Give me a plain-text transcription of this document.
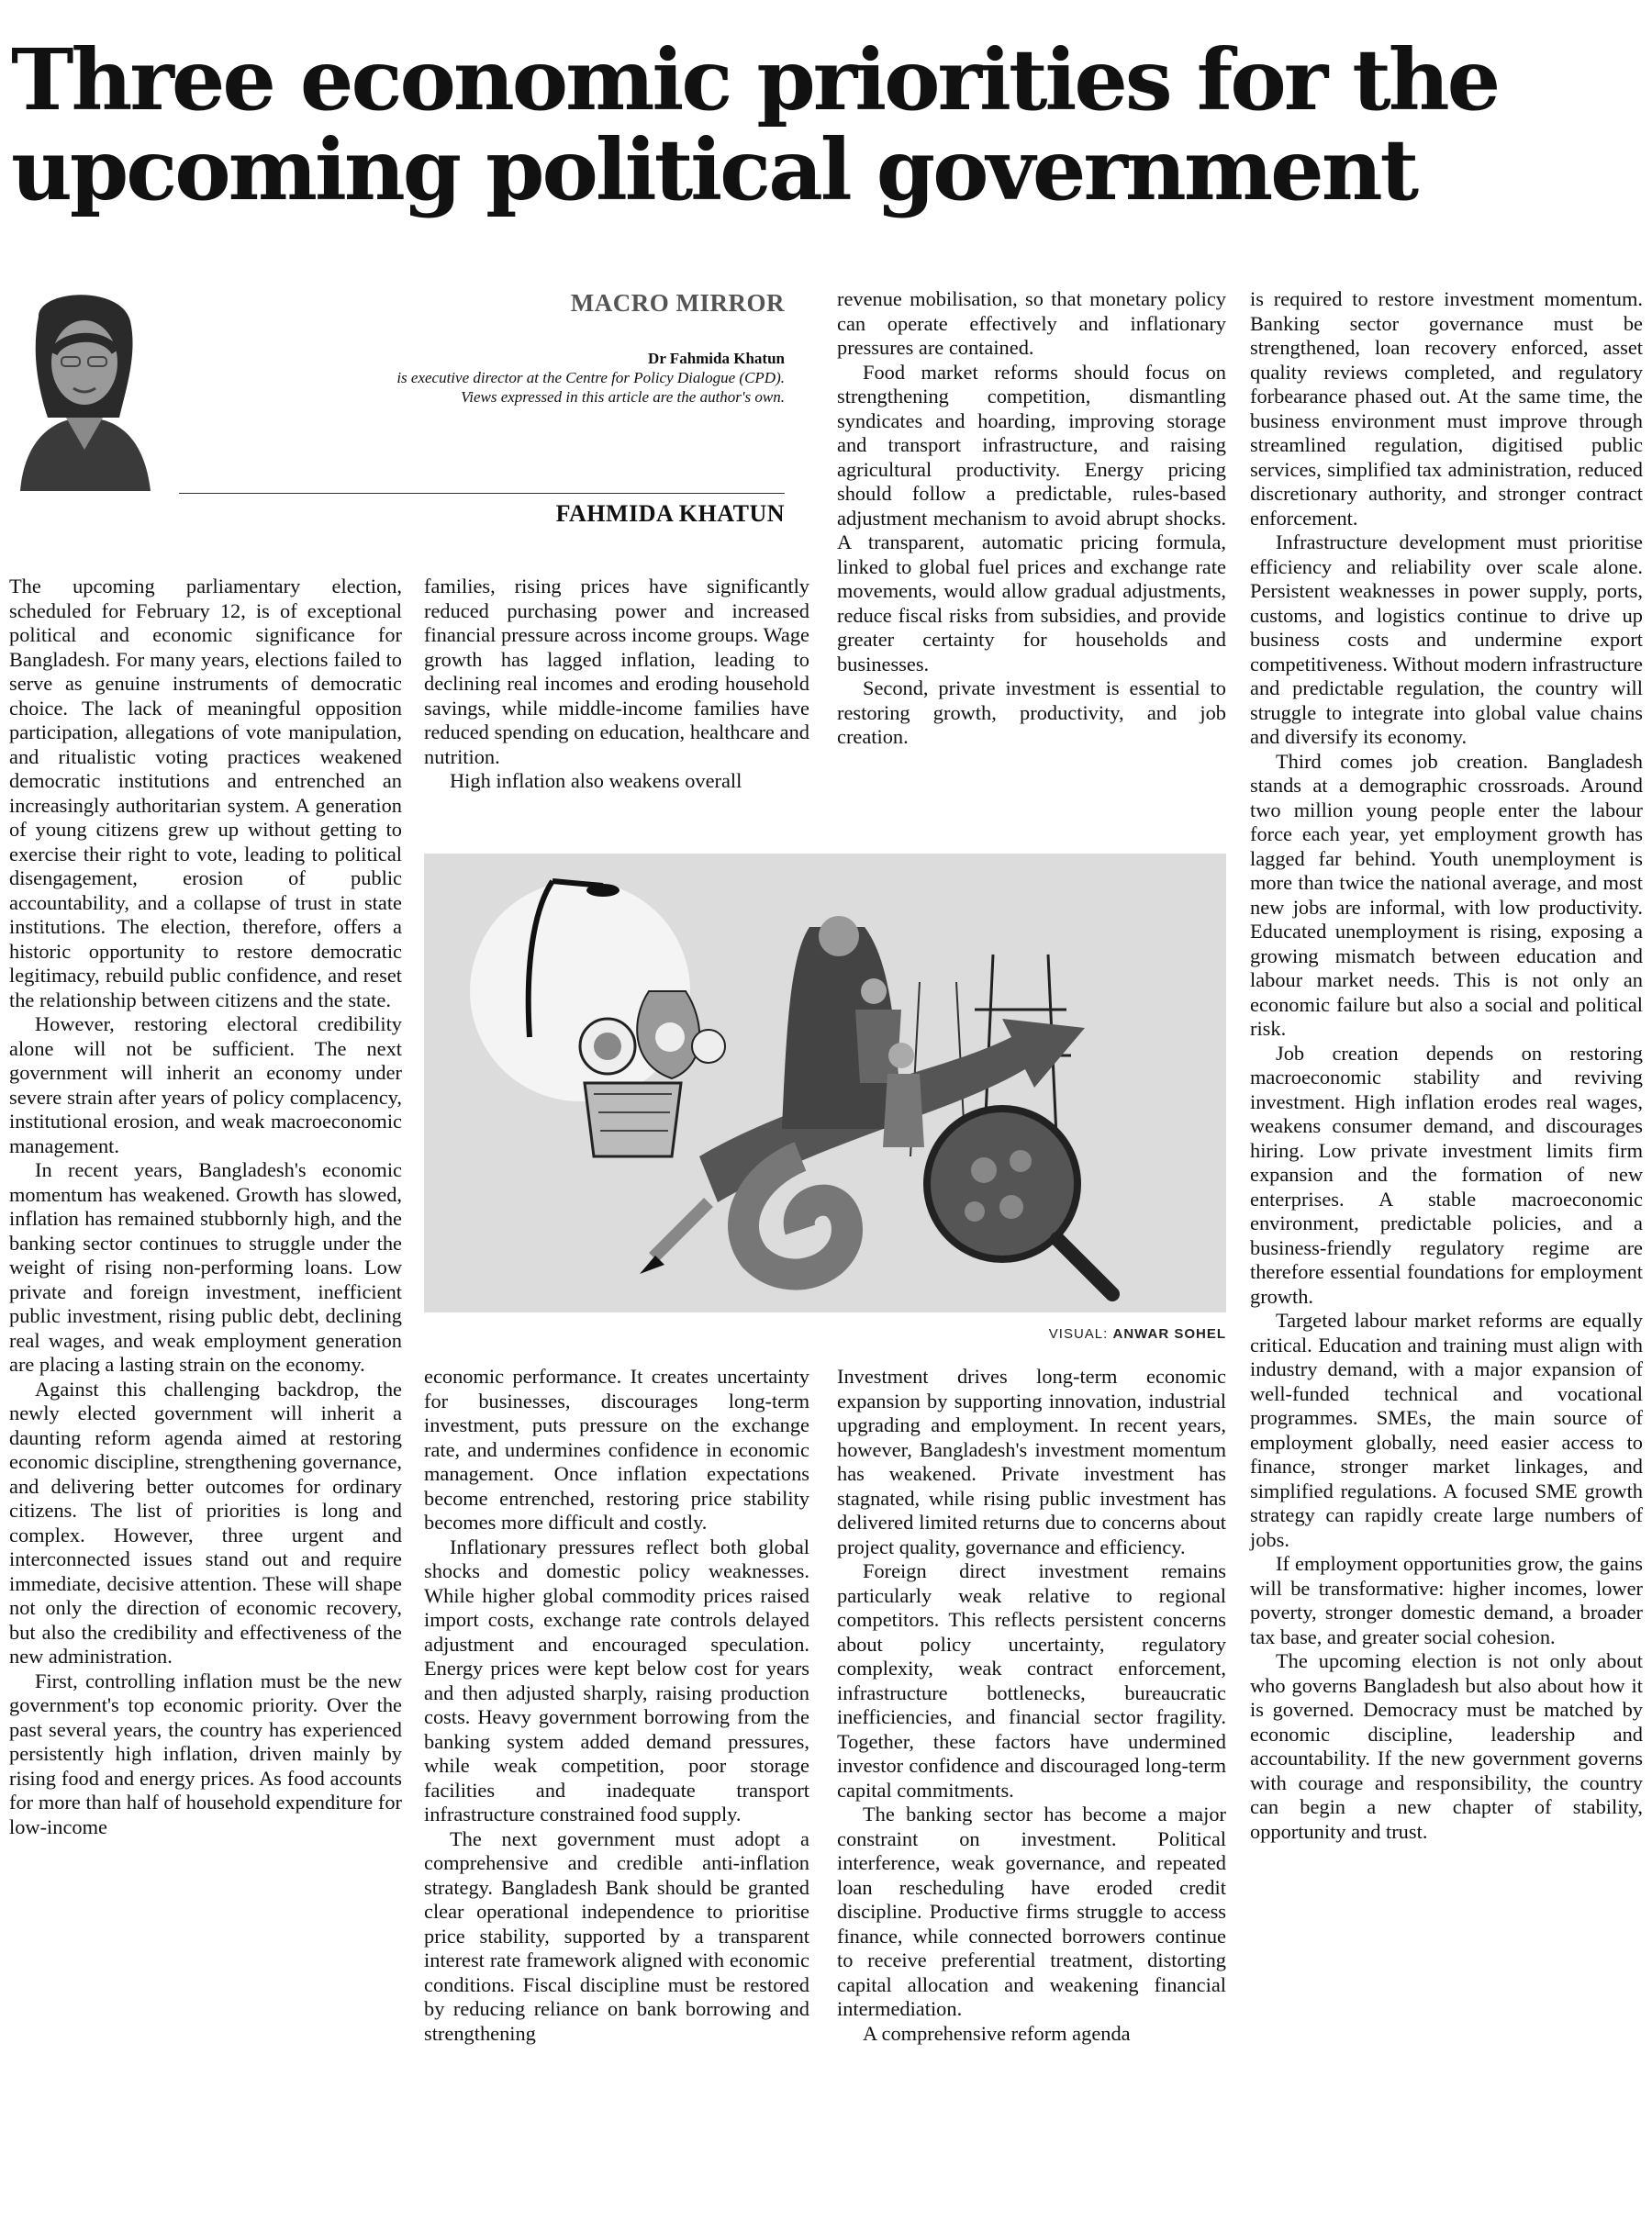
Three economic priorities for the upcoming political government
MACRO MIRROR
Dr Fahmida Khatun
is executive director at the Centre for Policy Dialogue (CPD). Views expressed in this article are the author's own.
FAHMIDA KHATUN

The upcoming parliamentary election, scheduled for February 12, is of exceptional political and economic significance for Bangladesh. For many years, elections failed to serve as genuine instruments of democratic choice. The lack of meaningful opposition participation, allegations of vote manipulation, and ritualistic voting practices weakened democratic institutions and entrenched an increasingly authoritarian system. A generation of young citizens grew up without getting to exercise their right to vote, leading to political disengagement, erosion of public accountability, and a collapse of trust in state institutions. The election, therefore, offers a historic opportunity to restore democratic legitimacy, rebuild public confidence, and reset the relationship between citizens and the state.

However, restoring electoral credibility alone will not be sufficient. The next government will inherit an economy under severe strain after years of policy complacency, institutional erosion, and weak macroeconomic management.

In recent years, Bangladesh's economic momentum has weakened. Growth has slowed, inflation has remained stubbornly high, and the banking sector continues to struggle under the weight of rising non-performing loans. Low private and foreign investment, inefficient public investment, rising public debt, declining real wages, and weak employment generation are placing a lasting strain on the economy.

Against this challenging backdrop, the newly elected government will inherit a daunting reform agenda aimed at restoring economic discipline, strengthening governance, and delivering better outcomes for ordinary citizens. The list of priorities is long and complex. However, three urgent and interconnected issues stand out and require immediate, decisive attention. These will shape not only the direction of economic recovery, but also the credibility and effectiveness of the new administration.

First, controlling inflation must be the new government's top economic priority. Over the past several years, the country has experienced persistently high inflation, driven mainly by rising food and energy prices. As food accounts for more than half of household expenditure for low-income

families, rising prices have significantly reduced purchasing power and increased financial pressure across income groups. Wage growth has lagged inflation, leading to declining real incomes and eroding household savings, while middle-income families have reduced spending on education, healthcare and nutrition.

High inflation also weakens overall

revenue mobilisation, so that monetary policy can operate effectively and inflationary pressures are contained.

Food market reforms should focus on strengthening competition, dismantling syndicates and hoarding, improving storage and transport infrastructure, and raising agricultural productivity. Energy pricing should follow a predictable, rules-based adjustment mechanism to avoid abrupt shocks. A transparent, automatic pricing formula, linked to global fuel prices and exchange rate movements, would allow gradual adjustments, reduce fiscal risks from subsidies, and provide greater certainty for households and businesses.

Second, private investment is essential to restoring growth, productivity, and job creation.

VISUAL: ANWAR SOHEL

economic performance. It creates uncertainty for businesses, discourages long-term investment, puts pressure on the exchange rate, and undermines confidence in economic management. Once inflation expectations become entrenched, restoring price stability becomes more difficult and costly.

Inflationary pressures reflect both global shocks and domestic policy weaknesses. While higher global commodity prices raised import costs, exchange rate controls delayed adjustment and encouraged speculation. Energy prices were kept below cost for years and then adjusted sharply, raising production costs. Heavy government borrowing from the banking system added demand pressures, while weak competition, poor storage facilities and inadequate transport infrastructure constrained food supply.

The next government must adopt a comprehensive and credible anti-inflation strategy. Bangladesh Bank should be granted clear operational independence to prioritise price stability, supported by a transparent interest rate framework aligned with economic conditions. Fiscal discipline must be restored by reducing reliance on bank borrowing and strengthening

Investment drives long-term economic expansion by supporting innovation, industrial upgrading and employment. In recent years, however, Bangladesh's investment momentum has weakened. Private investment has stagnated, while rising public investment has delivered limited returns due to concerns about project quality, governance and efficiency.

Foreign direct investment remains particularly weak relative to regional competitors. This reflects persistent concerns about policy uncertainty, regulatory complexity, weak contract enforcement, infrastructure bottlenecks, bureaucratic inefficiencies, and financial sector fragility. Together, these factors have undermined investor confidence and discouraged long-term capital commitments.

The banking sector has become a major constraint on investment. Political interference, weak governance, and repeated loan rescheduling have eroded credit discipline. Productive firms struggle to access finance, while connected borrowers continue to receive preferential treatment, distorting capital allocation and weakening financial intermediation.

A comprehensive reform agenda

is required to restore investment momentum. Banking sector governance must be strengthened, loan recovery enforced, asset quality reviews completed, and regulatory forbearance phased out. At the same time, the business environment must improve through streamlined regulation, digitised public services, simplified tax administration, reduced discretionary authority, and stronger contract enforcement.

Infrastructure development must prioritise efficiency and reliability over scale alone. Persistent weaknesses in power supply, ports, customs, and logistics continue to drive up business costs and undermine export competitiveness. Without modern infrastructure and predictable regulation, the country will struggle to integrate into global value chains and diversify its economy.

Third comes job creation. Bangladesh stands at a demographic crossroads. Around two million young people enter the labour force each year, yet employment growth has lagged far behind. Youth unemployment is more than twice the national average, and most new jobs are informal, with low productivity. Educated unemployment is rising, exposing a growing mismatch between education and labour market needs. This is not only an economic failure but also a social and political risk.

Job creation depends on restoring macroeconomic stability and reviving investment. High inflation erodes real wages, weakens consumer demand, and discourages hiring. Low private investment limits firm expansion and the formation of new enterprises. A stable macroeconomic environment, predictable policies, and a business-friendly regulatory regime are therefore essential foundations for employment growth.

Targeted labour market reforms are equally critical. Education and training must align with industry demand, with a major expansion of well-funded technical and vocational programmes. SMEs, the main source of employment globally, need easier access to finance, stronger market linkages, and simplified regulations. A focused SME growth strategy can rapidly create large numbers of jobs.

If employment opportunities grow, the gains will be transformative: higher incomes, lower poverty, stronger domestic demand, a broader tax base, and greater social cohesion.

The upcoming election is not only about who governs Bangladesh but also about how it is governed. Democracy must be matched by economic discipline, leadership and accountability. If the new government governs with courage and responsibility, the country can begin a new chapter of stability, opportunity and trust.
